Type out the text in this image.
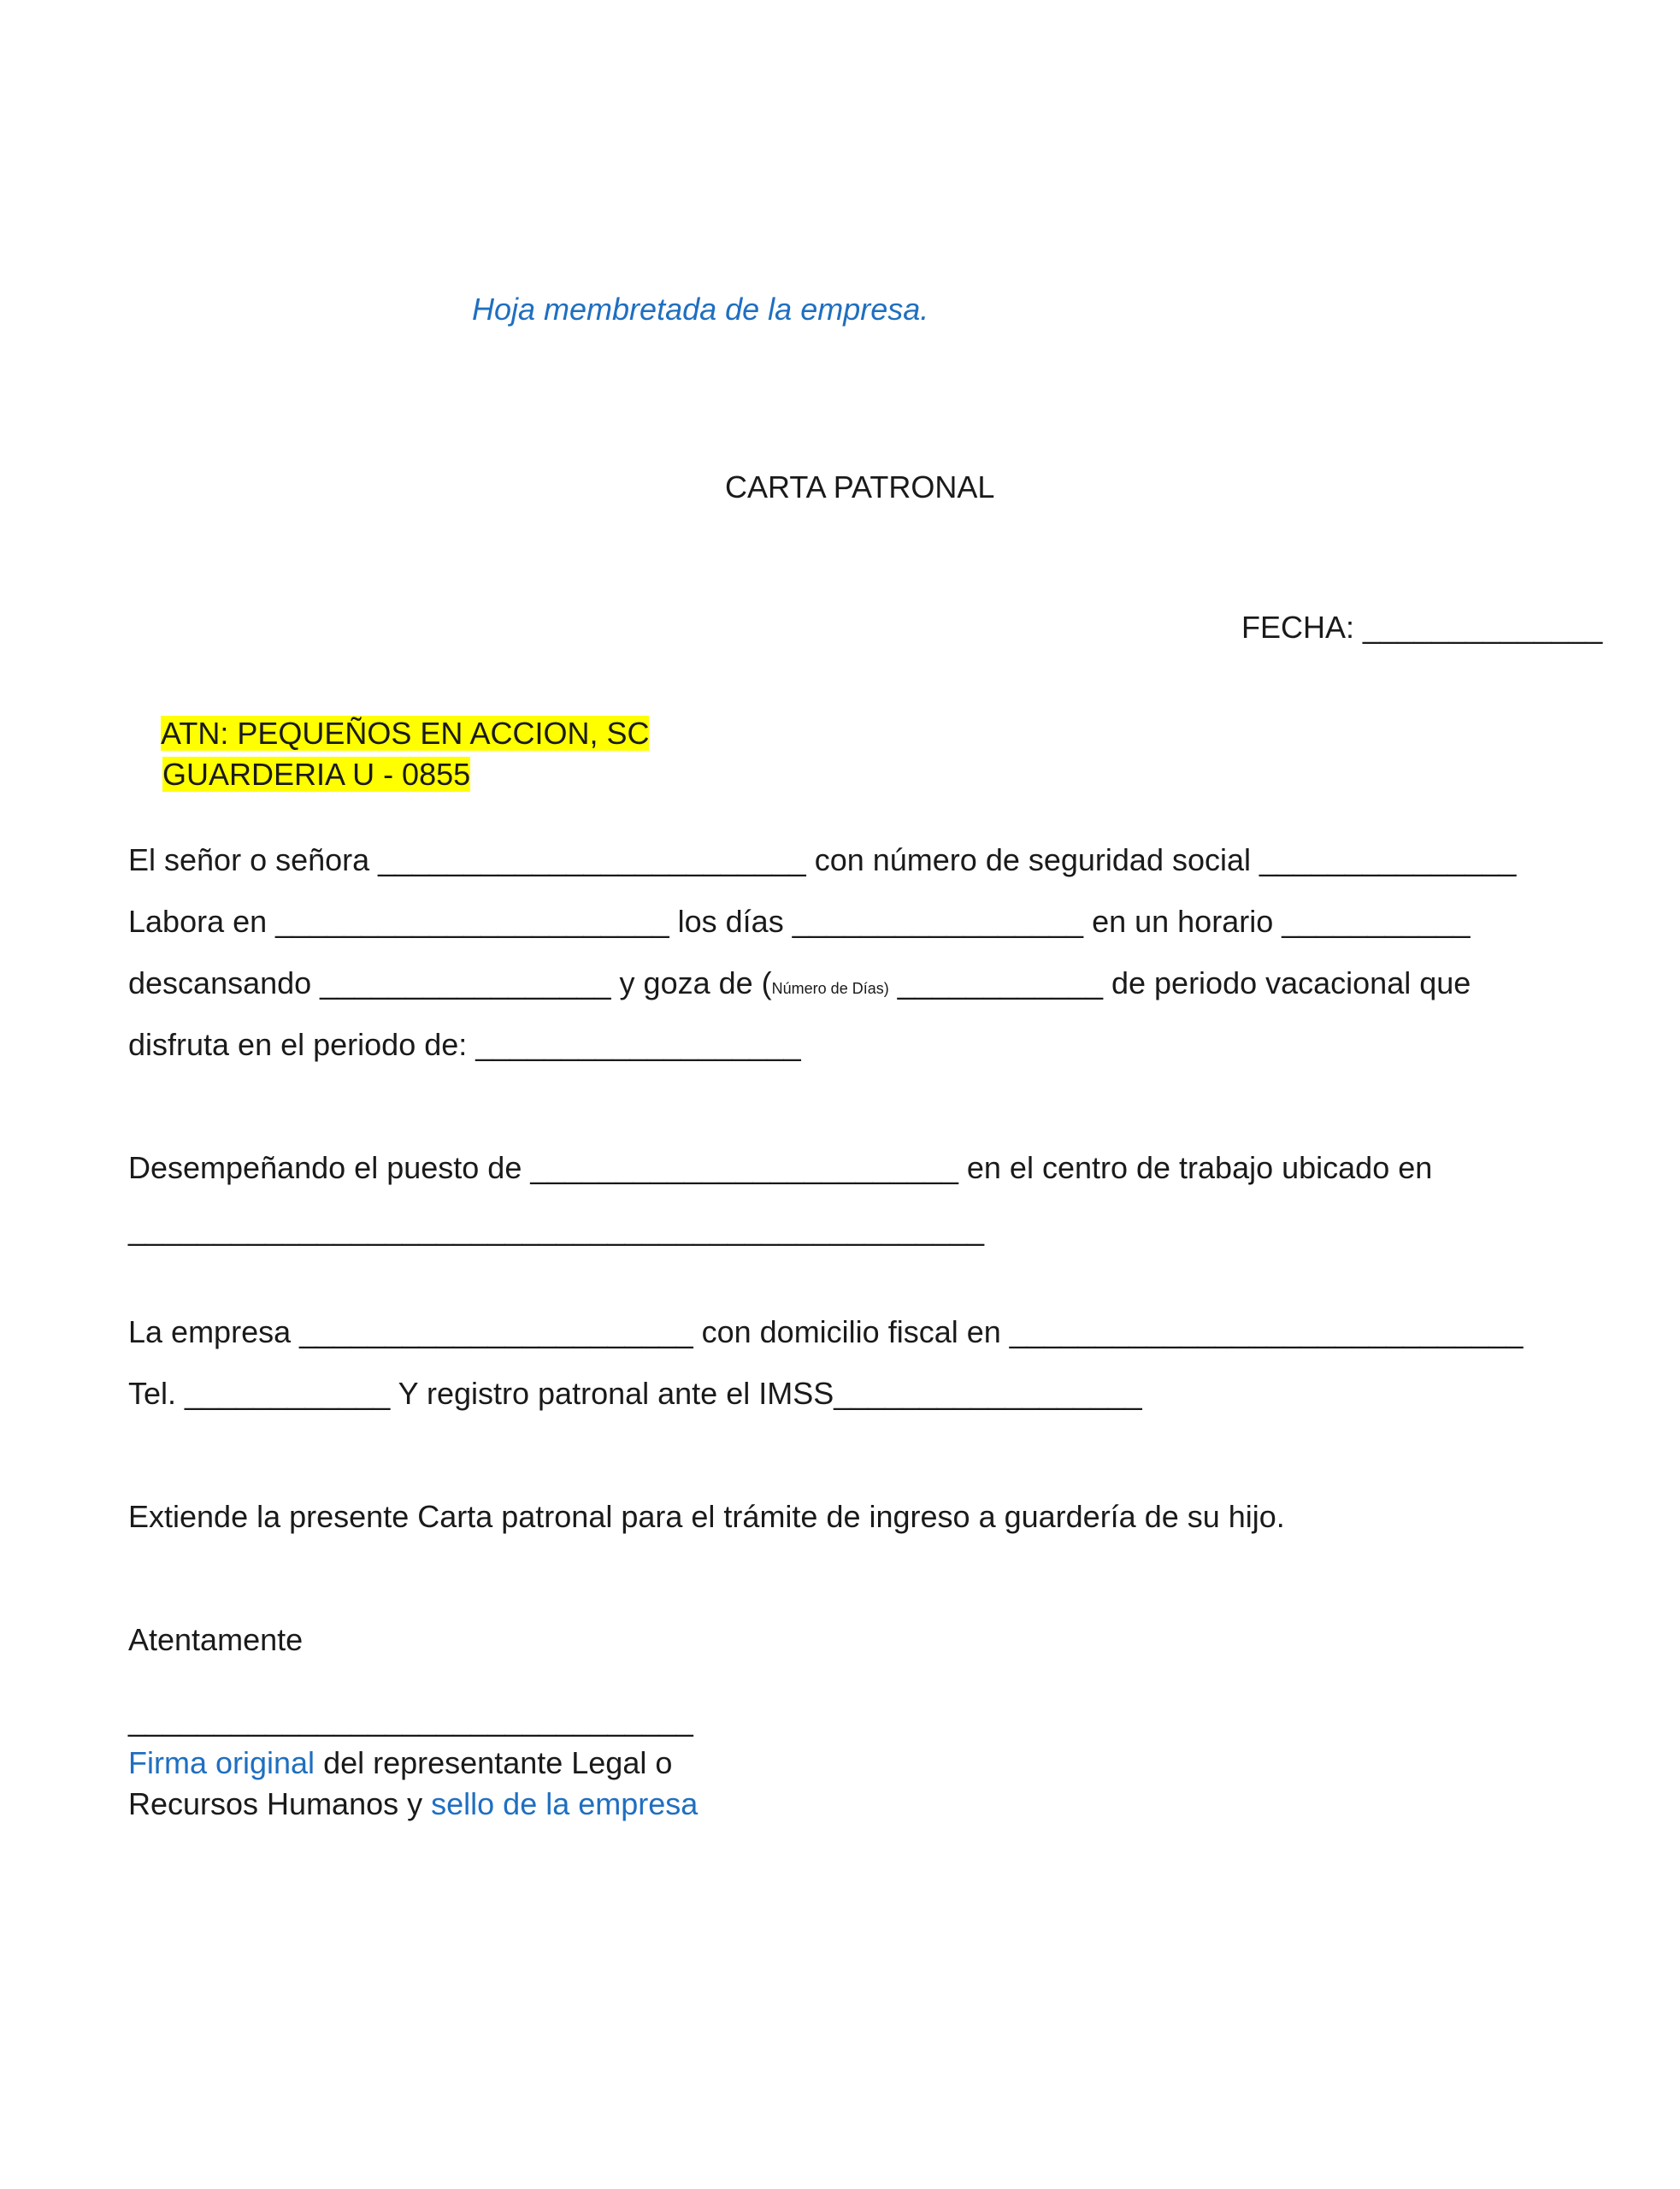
Hoja membretada de la empresa.
CARTA PATRONAL
FECHA: ______________

ATN: PEQUEÑOS EN ACCION, SC

GUARDERIA U - 0855

El señor o señora _________________________ con número de seguridad social _______________
Labora en _______________________ los días _________________ en un horario ___________
descansando _________________ y goza de (Número de Días) ____________ de periodo vacacional que
disfruta en el periodo de: ___________________
Desempeñando el puesto de _________________________ en el centro de trabajo ubicado en
__________________________________________________
La empresa _______________________ con domicilio fiscal en ______________________________
Tel. ____________ Y registro patronal ante el IMSS__________________
Extiende la presente Carta patronal para el trámite de ingreso a guardería de su hijo.
Atentamente
_________________________________
Firma original del representante Legal o
Recursos Humanos y sello de la empresa
